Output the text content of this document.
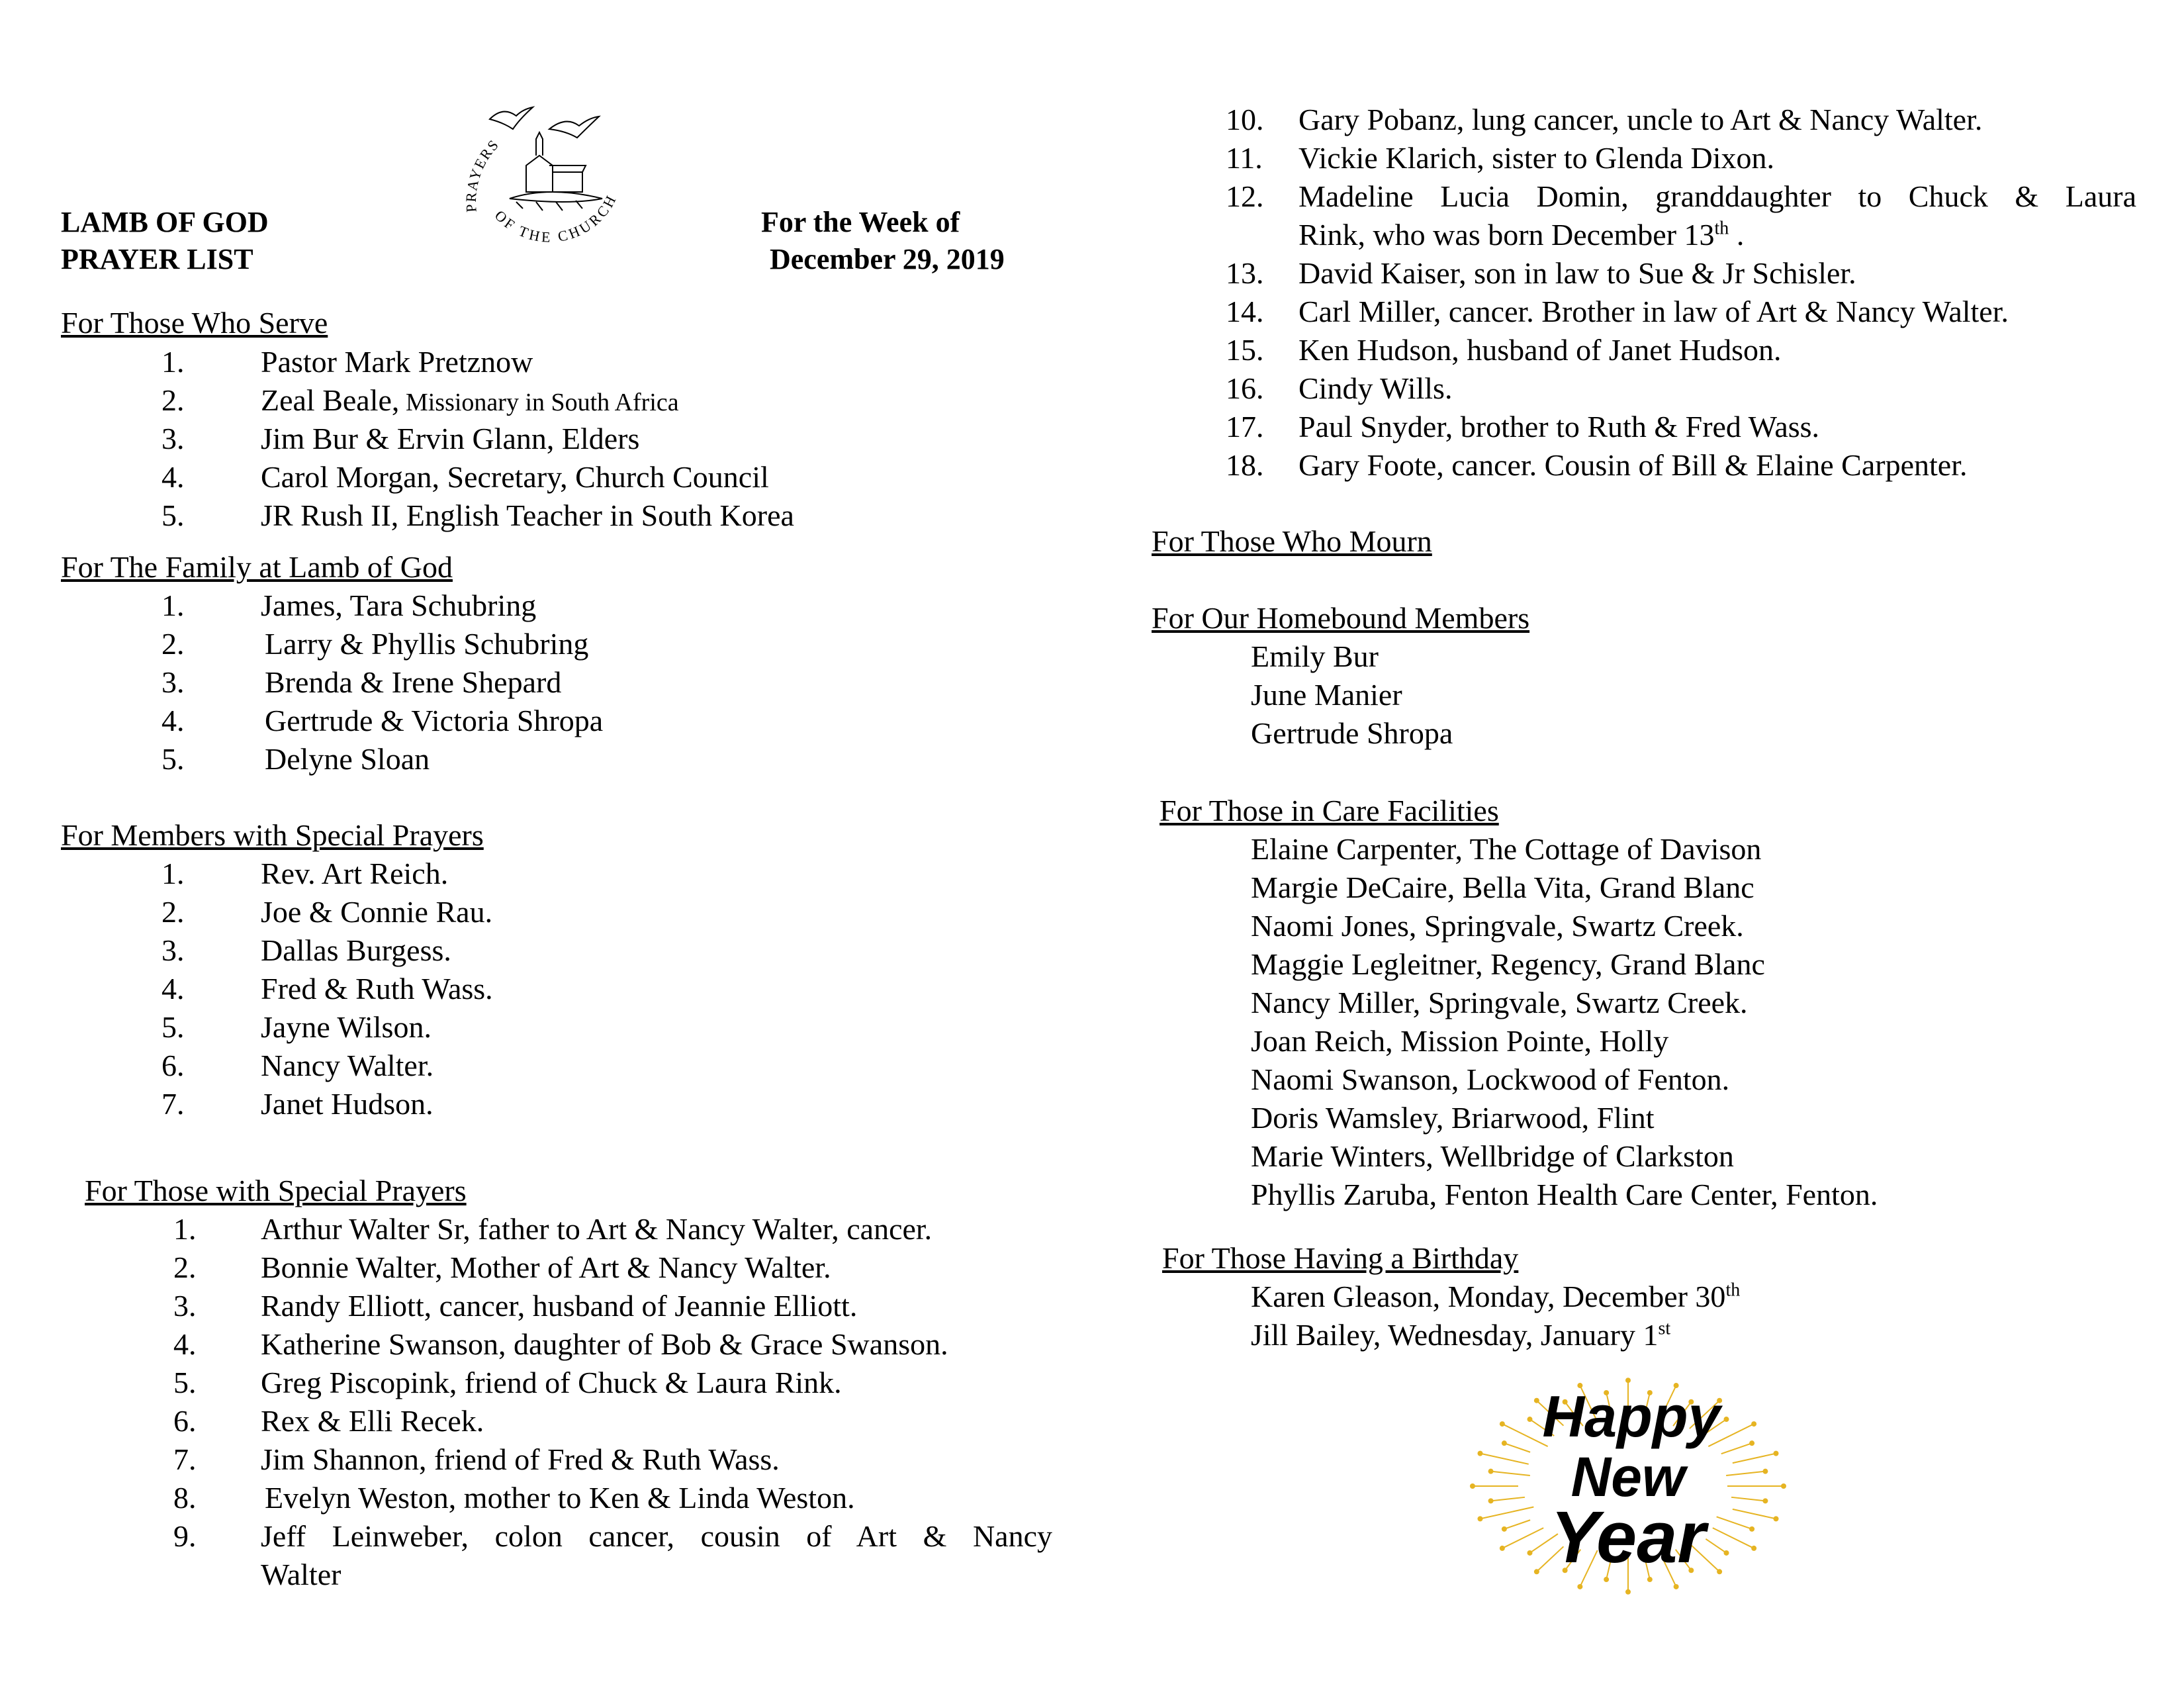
PRAYERS
OF THE CHURCH
LAMB OF GOD
PRAYER LIST
For the Week of
December 29, 2019
For Those Who Serve
1.	Pastor Mark Pretznow
2.	Zeal Beale, Missionary in South Africa
3.	Jim Bur & Ervin Glann, Elders
4.	Carol Morgan, Secretary, Church Council
5.	JR Rush II, English Teacher in South Korea
For The Family at Lamb of God
1.	James, Tara Schubring
2.	Larry & Phyllis Schubring
3.	Brenda & Irene Shepard
4.	Gertrude & Victoria Shropa
5.	Delyne Sloan
For Members with Special Prayers
1.	Rev. Art Reich.
2.	Joe & Connie Rau.
3.	Dallas Burgess.
4.	Fred & Ruth Wass.
5.	Jayne Wilson.
6.	Nancy Walter.
7.	Janet Hudson.
For Those with Special Prayers
1. Arthur Walter Sr, father to Art & Nancy Walter, cancer.
2. Bonnie Walter, Mother of Art & Nancy Walter.
3. Randy Elliott, cancer, husband of Jeannie Elliott.
4. Katherine Swanson, daughter of Bob & Grace Swanson.
5. Greg Piscopink, friend of Chuck & Laura Rink.
6. Rex & Elli Recek.
7. Jim Shannon, friend of Fred & Ruth Wass.
8. Evelyn Weston, mother to Ken & Linda Weston.
9. Jeff Leinweber, colon cancer, cousin of Art & Nancy
Walter
10. Gary Pobanz, lung cancer, uncle to Art & Nancy Walter.
11. Vickie Klarich, sister to Glenda Dixon.
12. Madeline Lucia Domin, granddaughter to Chuck & Laura
Rink, who was born December 13th .
13. David Kaiser, son in law to Sue & Jr Schisler.
14. Carl Miller, cancer. Brother in law of Art & Nancy Walter.
15. Ken Hudson, husband of Janet Hudson.
16. Cindy Wills.
17. Paul Snyder, brother to Ruth & Fred Wass.
18. Gary Foote, cancer. Cousin of Bill & Elaine Carpenter.
For Those Who Mourn
For Our Homebound Members
Emily Bur
June Manier
Gertrude Shropa
For Those in Care Facilities
Elaine Carpenter, The Cottage of Davison
Margie DeCaire, Bella Vita, Grand Blanc
Naomi Jones, Springvale, Swartz Creek.
Maggie Legleitner, Regency, Grand Blanc
Nancy Miller, Springvale, Swartz Creek.
Joan Reich, Mission Pointe, Holly
Naomi Swanson, Lockwood of Fenton.
Doris Wamsley, Briarwood, Flint
Marie Winters, Wellbridge of Clarkston
Phyllis Zaruba, Fenton Health Care Center, Fenton.
For Those Having a Birthday
Karen Gleason, Monday, December 30th
Jill Bailey, Wednesday, January 1st
Happy
New
Year
